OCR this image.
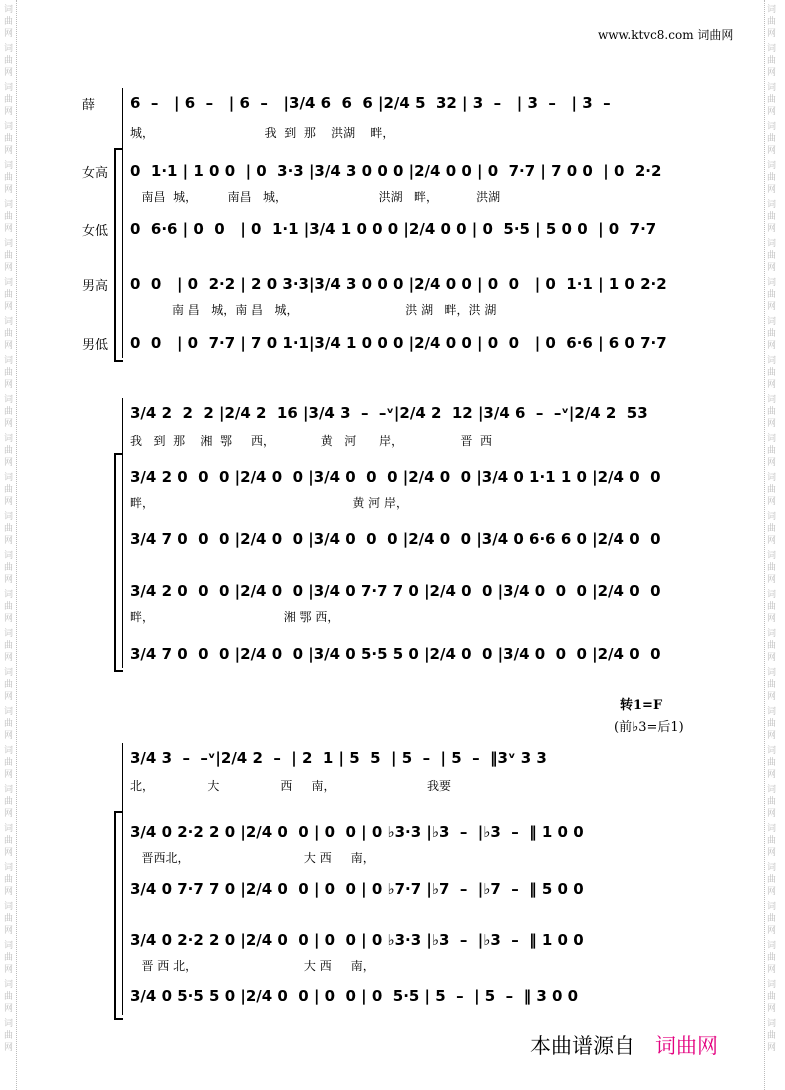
词曲网
词曲网
词曲网
词曲网
词曲网
词曲网
词曲网
词曲网
词曲网
词曲网
词曲网
词曲网
词曲网
词曲网
词曲网
词曲网
词曲网
词曲网
词曲网
词曲网
词曲网
词曲网
词曲网
词曲网
词曲网
词曲网
词曲网
词曲网
词曲网
词曲网
词曲网
词曲网
词曲网
词曲网
词曲网
词曲网
词曲网
词曲网
词曲网
词曲网
词曲网
词曲网
词曲网
词曲网
词曲网
词曲网
词曲网
词曲网
词曲网
词曲网
词曲网
词曲网
词曲网
词曲网
www.ktvc8.com 词曲网
薛 6  –   | 6  –   | 6  –   |3/4 6  6  6 |2/4 5  32 | 3  –   | 3  –   | 3  –
城，                             我  到  那    洪湖    畔，
女高 0  1·1 | 1 0 0  | 0  3·3 |3/4 3 0 0 0 |2/4 0 0 | 0  7·7 | 7 0 0  | 0  2·2
南昌  城，        南昌   城，                        洪湖   畔，          洪湖
女低 0  6·6 | 0  0   | 0  1·1 |3/4 1 0 0 0 |2/4 0 0 | 0  5·5 | 5 0 0  | 0  7·7
男高 0  0   | 0  2·2 | 2 0 3·3|3/4 3 0 0 0 |2/4 0 0 | 0  0   | 0  1·1 | 1 0 2·2
南 昌   城，南 昌   城，                            洪 湖   畔，洪 湖
男低 0  0   | 0  7·7 | 7 0 1·1|3/4 1 0 0 0 |2/4 0 0 | 0  0   | 0  6·6 | 6 0 7·7
3/4 2  2  2 |2/4 2  16 |3/4 3  –  –ᵛ|2/4 2  12 |3/4 6  –  –ᵛ|2/4 2  53
我   到  那    湘  鄂     西，            黄   河      岸，               晋  西
3/4 2 0  0  0 |2/4 0  0 |3/4 0  0  0 |2/4 0  0 |3/4 0 1·1 1 0 |2/4 0  0
畔，                                                    黄 河 岸，
3/4 7 0  0  0 |2/4 0  0 |3/4 0  0  0 |2/4 0  0 |3/4 0 6·6 6 0 |2/4 0  0
3/4 2 0  0  0 |2/4 0  0 |3/4 0 7·7 7 0 |2/4 0  0 |3/4 0  0  0 |2/4 0  0
畔，                                  湘 鄂 西，
3/4 7 0  0  0 |2/4 0  0 |3/4 0 5·5 5 0 |2/4 0  0 |3/4 0  0  0 |2/4 0  0
转1=F
(前♭3=后1)
3/4 3  –  –ᵛ|2/4 2  –  | 2  1 | 5  5  | 5  –  | 5  –  ‖3ᵛ 3 3
北，              大                西     南，                        我要
3/4 0 2·2 2 0 |2/4 0  0 | 0  0 | 0 ♭3·3 |♭3  –  |♭3  –  ‖ 1 0 0
晋西北，                              大 西     南，
3/4 0 7·7 7 0 |2/4 0  0 | 0  0 | 0 ♭7·7 |♭7  –  |♭7  –  ‖ 5 0 0
3/4 0 2·2 2 0 |2/4 0  0 | 0  0 | 0 ♭3·3 |♭3  –  |♭3  –  ‖ 1 0 0
晋 西 北，                            大 西     南，
3/4 0 5·5 5 0 |2/4 0  0 | 0  0 | 0  5·5 | 5  –  | 5  –  ‖ 3 0 0
本曲谱源自 词曲网
